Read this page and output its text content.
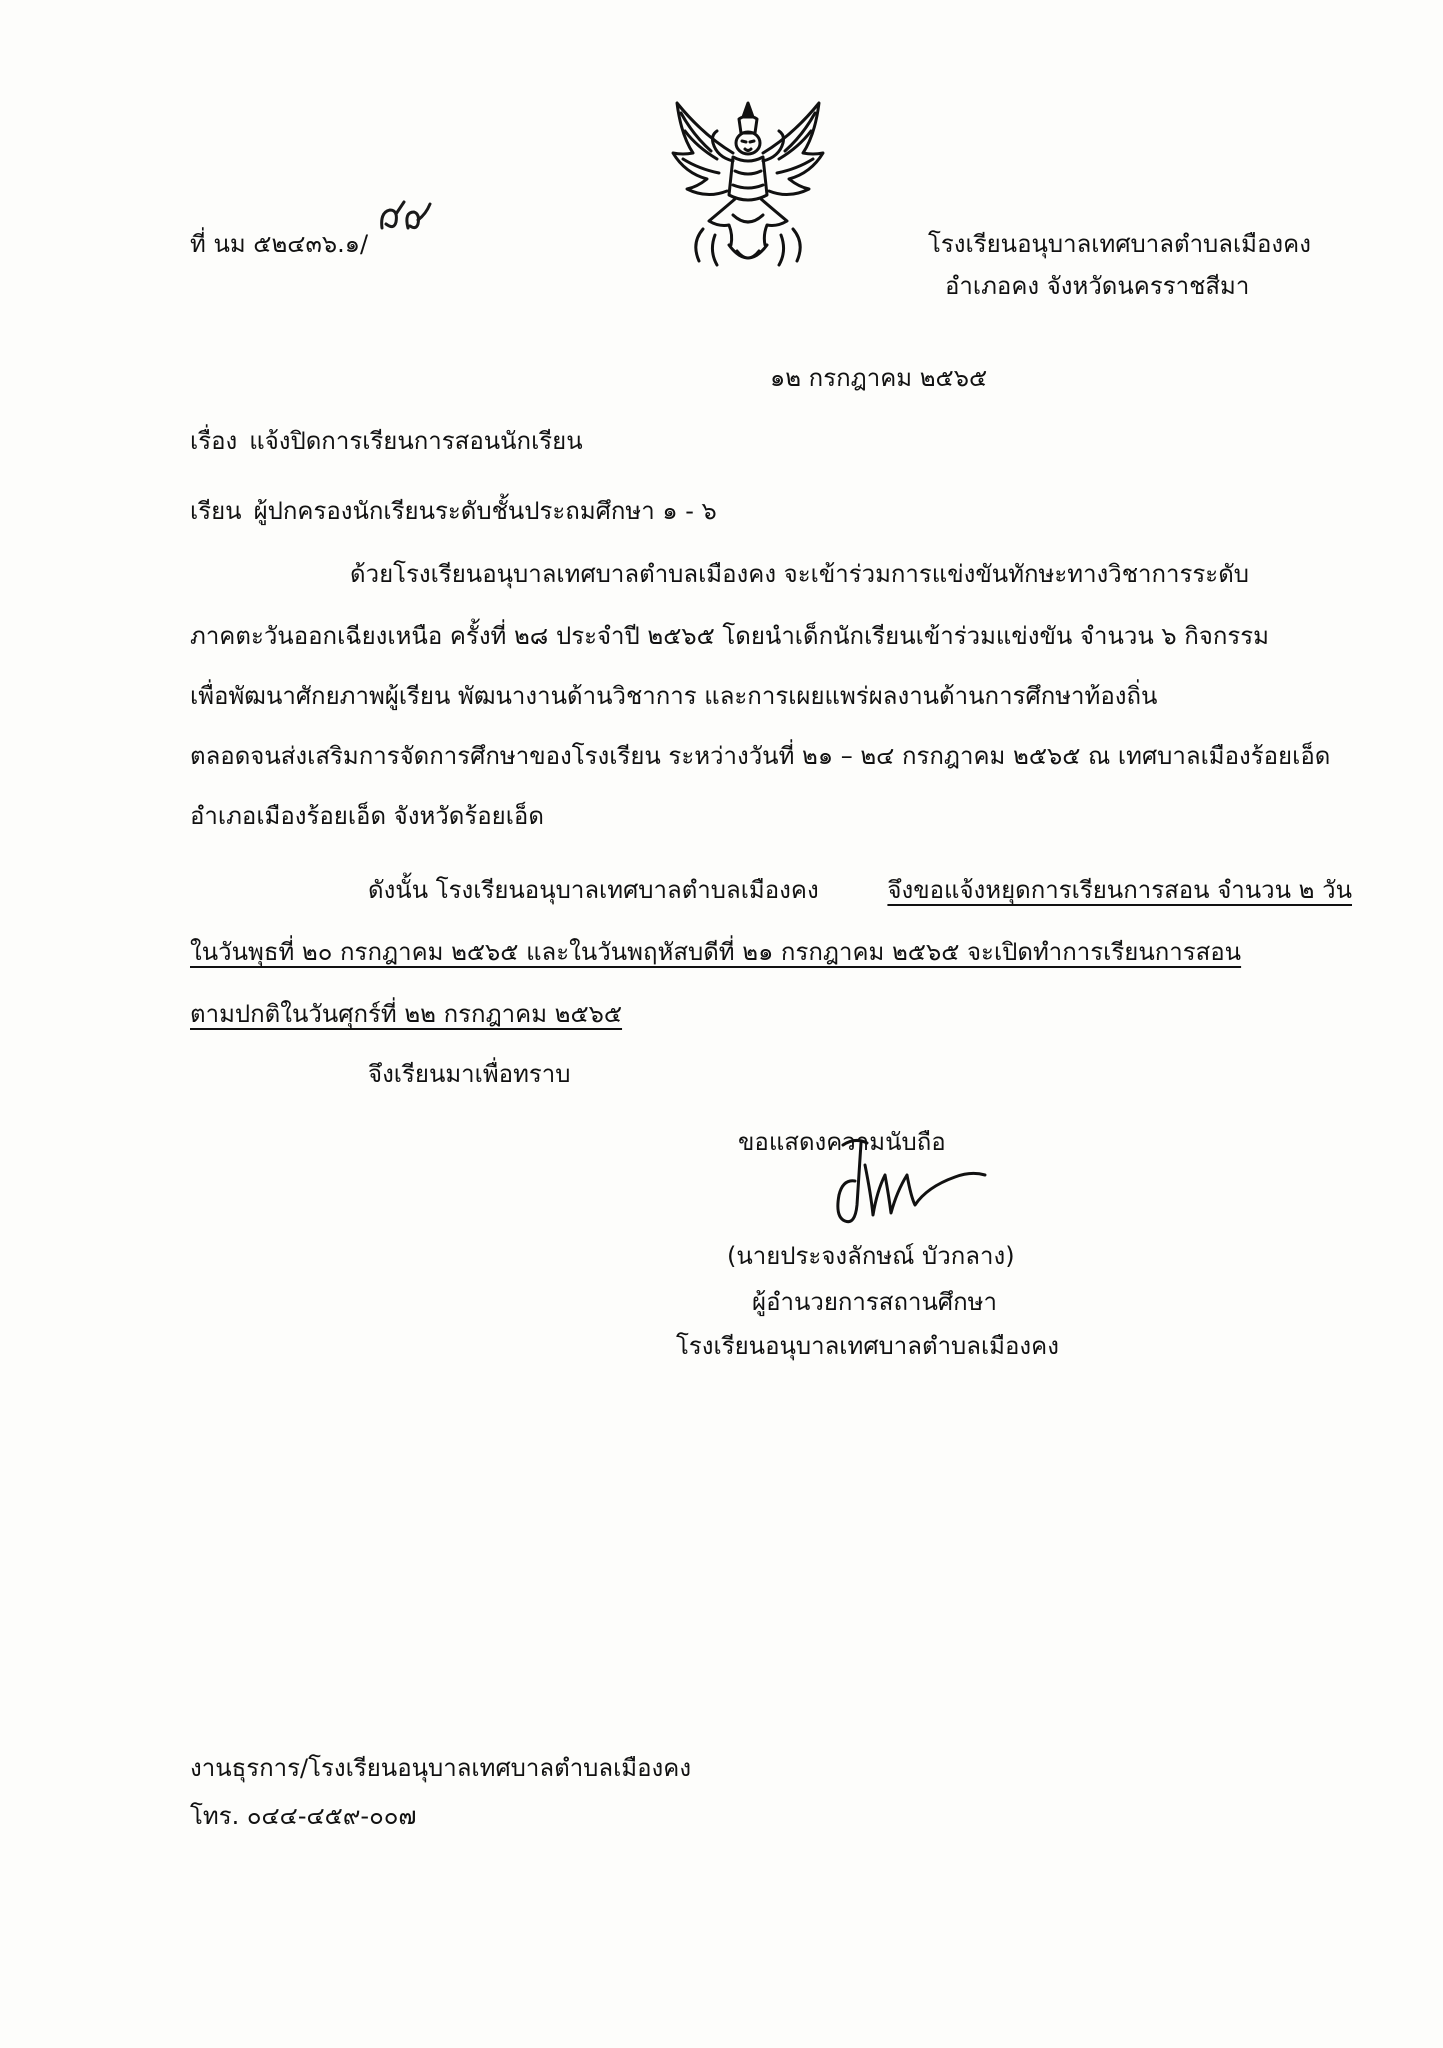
ที่ นม ๕๒๔๓๖.๑/	โรงเรียนอนุบาลเทศบาลตำบลเมืองคง
อำเภอคง จังหวัดนครราชสีมา
๑๒ กรกฎาคม ๒๕๖๕
เรื่อง แจ้งปิดการเรียนการสอนนักเรียน
เรียน ผู้ปกครองนักเรียนระดับชั้นประถมศึกษา ๑ - ๖
ด้วยโรงเรียนอนุบาลเทศบาลตำบลเมืองคง จะเข้าร่วมการแข่งขันทักษะทางวิชาการระดับ
ภาคตะวันออกเฉียงเหนือ ครั้งที่ ๒๘ ประจำปี ๒๕๖๕ โดยนำเด็กนักเรียนเข้าร่วมแข่งขัน จำนวน ๖ กิจกรรม
เพื่อพัฒนาศักยภาพผู้เรียน พัฒนางานด้านวิชาการ และการเผยแพร่ผลงานด้านการศึกษาท้องถิ่น
ตลอดจนส่งเสริมการจัดการศึกษาของโรงเรียน ระหว่างวันที่ ๒๑ – ๒๔ กรกฎาคม ๒๕๖๕ ณ เทศบาลเมืองร้อยเอ็ด
อำเภอเมืองร้อยเอ็ด จังหวัดร้อยเอ็ด
ดังนั้น โรงเรียนอนุบาลเทศบาลตำบลเมืองคง	จึงขอแจ้งหยุดการเรียนการสอน จำนวน ๒ วัน
ในวันพุธที่ ๒๐ กรกฎาคม ๒๕๖๕ และในวันพฤหัสบดีที่ ๒๑ กรกฎาคม ๒๕๖๕ จะเปิดทำการเรียนการสอน
ตามปกติในวันศุกร์ที่ ๒๒ กรกฎาคม ๒๕๖๕
จึงเรียนมาเพื่อทราบ
ขอแสดงความนับถือ
(นายประจงลักษณ์ บัวกลาง)
ผู้อำนวยการสถานศึกษา
โรงเรียนอนุบาลเทศบาลตำบลเมืองคง
งานธุรการ/โรงเรียนอนุบาลเทศบาลตำบลเมืองคง
โทร. ๐๔๔-๔๕๙-๐๐๗
